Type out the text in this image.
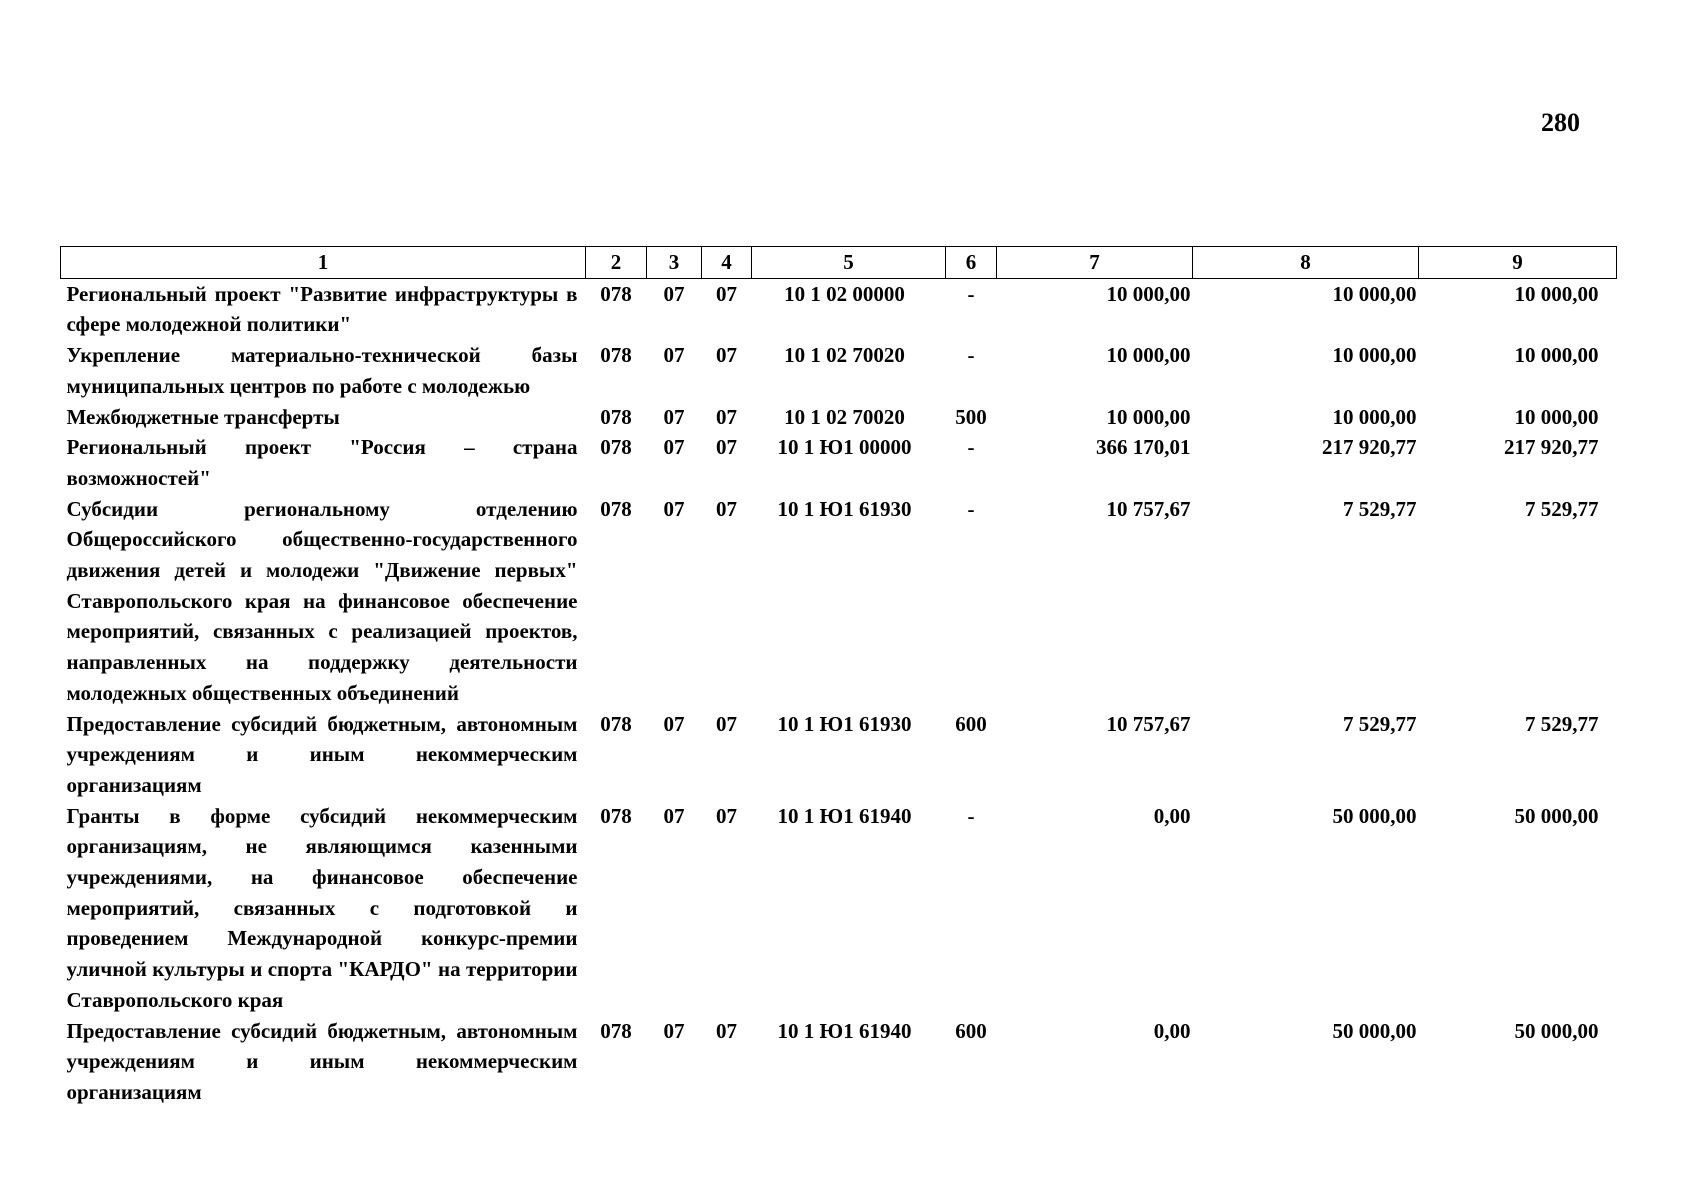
280
1	2	3	4	5	6	7	8	9
Региональный проект "Развитие инфраструктуры в сфере молодежной политики"	078	07	07	10 1 02 00000	-	10 000,00	10 000,00	10 000,00
Укрепление материально-технической базы муниципальных центров по работе с молодежью	078	07	07	10 1 02 70020	-	10 000,00	10 000,00	10 000,00
Межбюджетные трансферты	078	07	07	10 1 02 70020	500	10 000,00	10 000,00	10 000,00
Региональный проект "Россия – страна возможностей"	078	07	07	10 1 Ю1 00000	-	366 170,01	217 920,77	217 920,77
Субсидии региональному отделению Общероссийского общественно-государственного движения детей и молодежи "Движение первых" Ставропольского края на финансовое обеспечение мероприятий, связанных с реализацией проектов, направленных на поддержку деятельности молодежных общественных объединений	078	07	07	10 1 Ю1 61930	-	10 757,67	7 529,77	7 529,77
Предоставление субсидий бюджетным, автономным учреждениям и иным некоммерческим организациям	078	07	07	10 1 Ю1 61930	600	10 757,67	7 529,77	7 529,77
Гранты в форме субсидий некоммерческим организациям, не являющимся казенными учреждениями, на финансовое обеспечение мероприятий, связанных с подготовкой и проведением Международной конкурс-премии уличной культуры и спорта "КАРДО" на территории Ставропольского края	078	07	07	10 1 Ю1 61940	-	0,00	50 000,00	50 000,00
Предоставление субсидий бюджетным, автономным учреждениям и иным некоммерческим организациям	078	07	07	10 1 Ю1 61940	600	0,00	50 000,00	50 000,00
